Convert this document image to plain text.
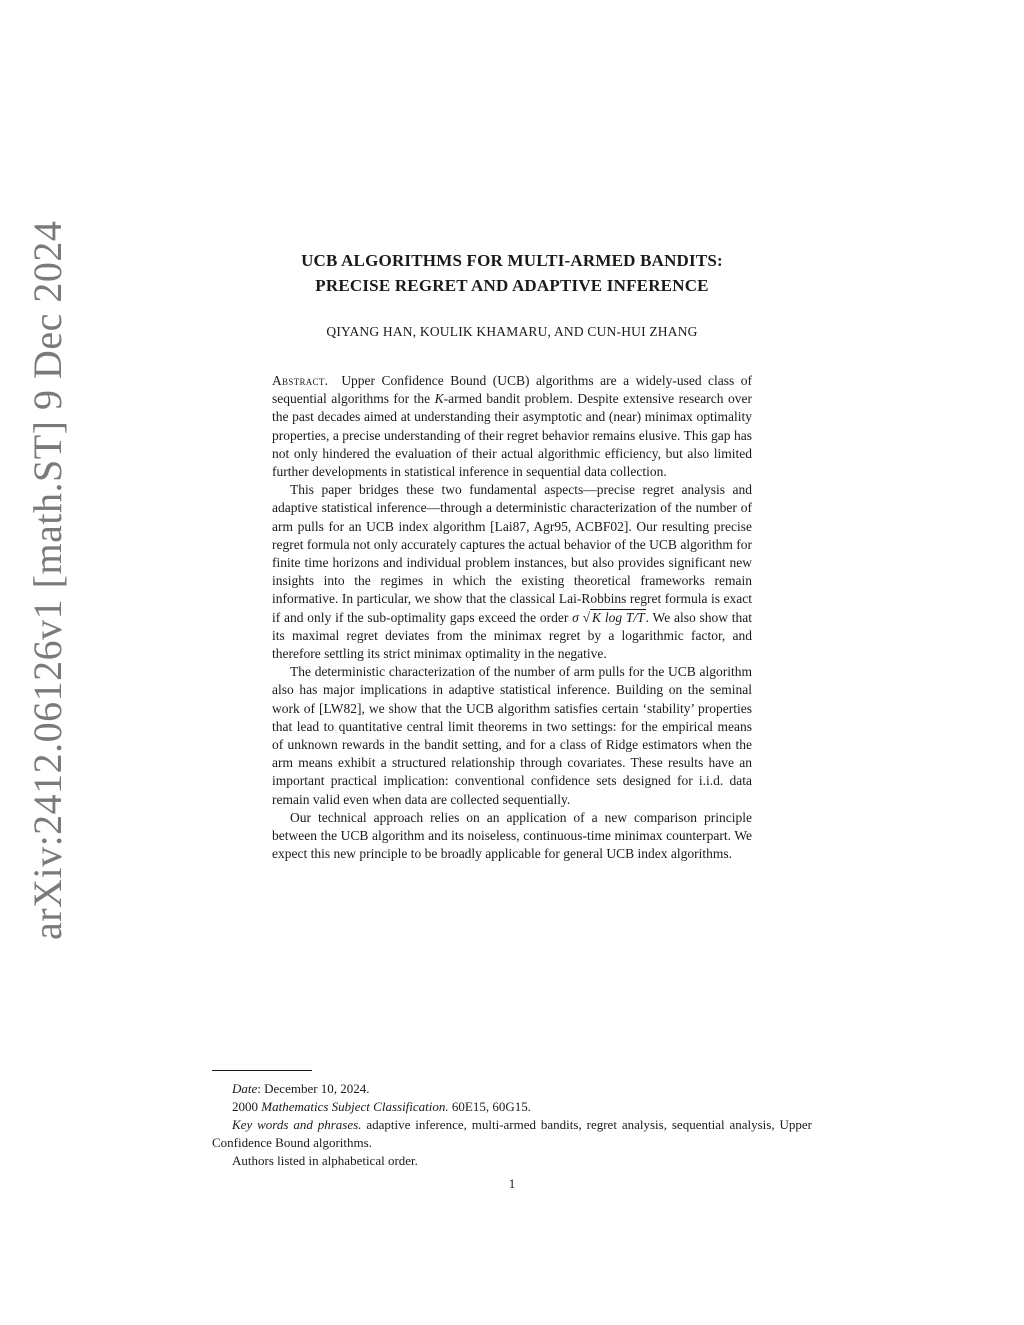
arXiv:2412.06126v1 [math.ST] 9 Dec 2024	UCB ALGORITHMS FOR MULTI-ARMED BANDITS:
PRECISE REGRET AND ADAPTIVE INFERENCE
QIYANG HAN, KOULIK KHAMARU, AND CUN-HUI ZHANG

Abstract. Upper Confidence Bound (UCB) algorithms are a widely-used class of sequential algorithms for the K-armed bandit problem. Despite extensive research over the past decades aimed at understanding their asymptotic and (near) minimax optimality properties, a precise understanding of their regret behavior remains elusive. This gap has not only hindered the evaluation of their actual algorithmic efficiency, but also limited further developments in statistical inference in sequential data collection.

This paper bridges these two fundamental aspects—precise regret analysis and adaptive statistical inference—through a deterministic characterization of the number of arm pulls for an UCB index algorithm [Lai87, Agr95, ACBF02]. Our resulting precise regret formula not only accurately captures the actual behavior of the UCB algorithm for finite time horizons and individual problem instances, but also provides significant new insights into the regimes in which the existing theoretical frameworks remain informative. In particular, we show that the classical Lai-Robbins regret formula is exact if and only if the sub-optimality gaps exceed the order σ √ K log T/T. We also show that its maximal regret deviates from the minimax regret by a logarithmic factor, and therefore settling its strict minimax optimality in the negative.

The deterministic characterization of the number of arm pulls for the UCB algorithm also has major implications in adaptive statistical inference. Building on the seminal work of [LW82], we show that the UCB algorithm satisfies certain ‘stability’ properties that lead to quantitative central limit theorems in two settings: for the empirical means of unknown rewards in the bandit setting, and for a class of Ridge estimators when the arm means exhibit a structured relationship through covariates. These results have an important practical implication: conventional confidence sets designed for i.i.d. data remain valid even when data are collected sequentially.

Our technical approach relies on an application of a new comparison principle between the UCB algorithm and its noiseless, continuous-time minimax counterpart. We expect this new principle to be broadly applicable for general UCB index algorithms.

Date: December 10, 2024.

2000 Mathematics Subject Classification. 60E15, 60G15.

Key words and phrases. adaptive inference, multi-armed bandits, regret analysis, sequential analysis, Upper Confidence Bound algorithms.

Authors listed in alphabetical order.

1
